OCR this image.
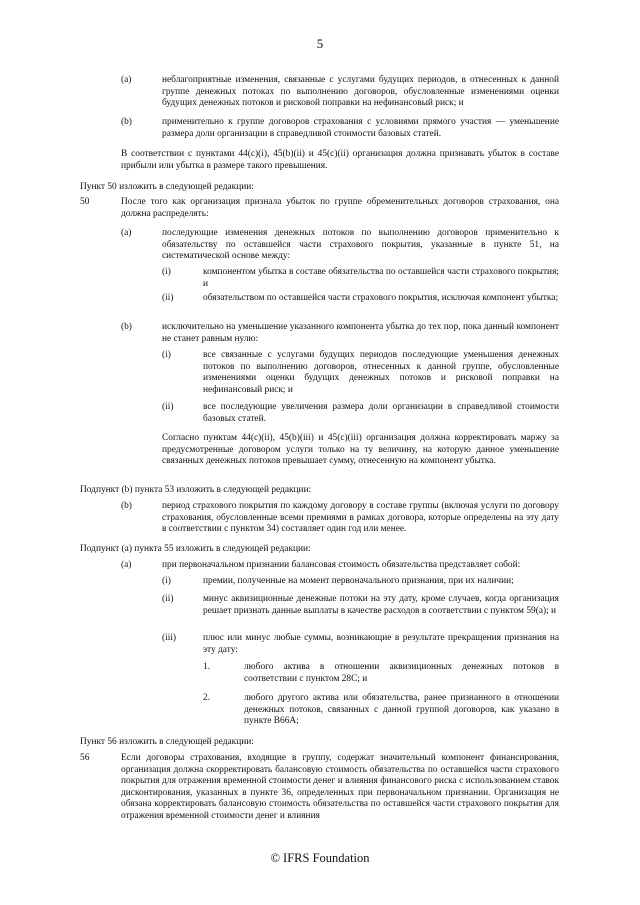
5
(a)	неблагоприятные изменения, связанные с услугами будущих периодов, в отнесенных к данной группе денежных потоках по выполнению договоров, обусловленные изменениями оценки будущих денежных потоков и рисковой поправки на нефинансовый риск; и
(b)	применительно к группе договоров страхования с условиями прямого участия — уменьшение размера доли организации в справедливой стоимости базовых статей.
В соответствии с пунктами 44(c)(i), 45(b)(ii) и 45(c)(ii) организация должна признавать убыток в составе прибыли или убытка в размере такого превышения.
Пункт 50 изложить в следующей редакции:
50	После того как организация признала убыток по группе обременительных договоров страхования, она должна распределять:
(a)	последующие изменения денежных потоков по выполнению договоров применительно к обязательству по оставшейся части страхового покрытия, указанные в пункте 51, на систематической основе между:
(i)	компонентом убытка в составе обязательства по оставшейся части страхового покрытия; и
(ii)	обязательством по оставшейся части страхового покрытия, исключая компонент убытка;
(b)	исключительно на уменьшение указанного компонента убытка до тех пор, пока данный компонент не станет равным нулю:
(i)	все связанные с услугами будущих периодов последующие уменьшения денежных потоков по выполнению договоров, отнесенных к данной группе, обусловленные изменениями оценки будущих денежных потоков и рисковой поправки на нефинансовый риск; и
(ii)	все последующие увеличения размера доли организации в справедливой стоимости базовых статей.
Согласно пунктам 44(c)(ii), 45(b)(iii) и 45(c)(iii) организация должна корректировать маржу за предусмотренные договором услуги только на ту величину, на которую данное уменьшение связанных денежных потоков превышает сумму, отнесенную на компонент убытка.
Подпункт (b) пункта 53 изложить в следующей редакции:
(b)	период страхового покрытия по каждому договору в составе группы (включая услуги по договору страхования, обусловленные всеми премиями в рамках договора, которые определены на эту дату в соответствии с пунктом 34) составляет один год или менее.
Подпункт (a) пункта 55 изложить в следующей редакции:
(a)	при первоначальном признании балансовая стоимость обязательства представляет собой:
(i)	премии, полученные на момент первоначального признания, при их наличии;
(ii)	минус аквизиционные денежные потоки на эту дату, кроме случаев, когда организация решает признать данные выплаты в качестве расходов в соответствии с пунктом 59(a); и
(iii)	плюс или минус любые суммы, возникающие в результате прекращения признания на эту дату:
1.	любого актива в отношении аквизиционных денежных потоков в соответствии с пунктом 28C; и
2.	любого другого актива или обязательства, ранее признанного в отношении денежных потоков, связанных с данной группой договоров, как указано в пункте B66A;
Пункт 56 изложить в следующей редакции:
56	Если договоры страхования, входящие в группу, содержат значительный компонент финансирования, организация должна скорректировать балансовую стоимость обязательства по оставшейся части страхового покрытия для отражения временной стоимости денег и влияния финансового риска с использованием ставок дисконтирования, указанных в пункте 36, определенных при первоначальном признании. Организация не обязана корректировать балансовую стоимость обязательства по оставшейся части страхового покрытия для отражения временной стоимости денег и влияния
© IFRS Foundation
